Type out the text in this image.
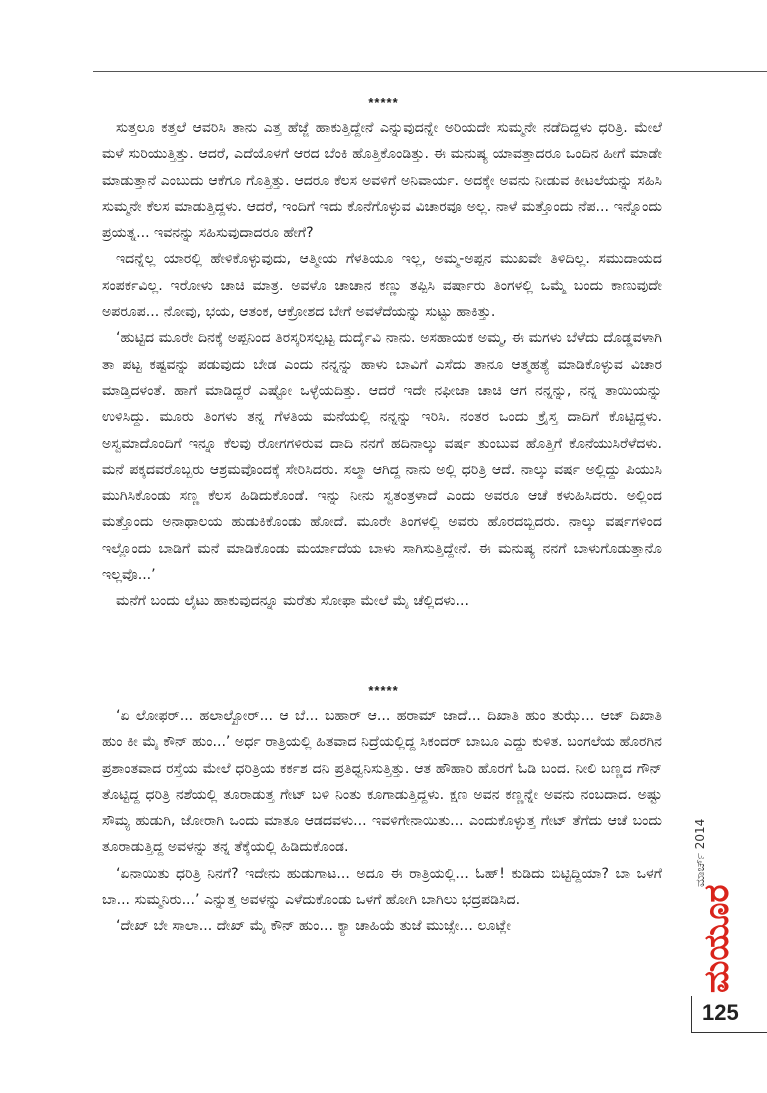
*****

ಸುತ್ತಲೂ ಕತ್ತಲೆ ಆವರಿಸಿ ತಾನು ಎತ್ತ ಹೆಜ್ಜೆ ಹಾಕುತ್ತಿದ್ದೇನೆ ಎನ್ನುವುದನ್ನೇ ಅರಿಯದೇ ಸುಮ್ಮನೇ ನಡೆದಿದ್ದಳು ಧರಿತ್ರಿ. ಮೇಲೆ ಮಳೆ ಸುರಿಯುತ್ತಿತ್ತು. ಆದರೆ, ಎದೆಯೊಳಗೆ ಆರದ ಬೆಂಕಿ ಹೊತ್ತಿಕೊಂಡಿತ್ತು. ಈ ಮನುಷ್ಯ ಯಾವತ್ತಾದರೂ ಒಂದಿನ ಹೀಗೆ ಮಾಡೇ ಮಾಡುತ್ತಾನೆ ಎಂಬುದು ಆಕೆಗೂ ಗೊತ್ತಿತ್ತು. ಆದರೂ ಕೆಲಸ ಅವಳಿಗೆ ಅನಿವಾರ್ಯ. ಅದಕ್ಕೇ ಅವನು ನೀಡುವ ಕೀಟಲೆಯನ್ನು ಸಹಿಸಿ ಸುಮ್ಮನೇ ಕೆಲಸ ಮಾಡುತ್ತಿದ್ದಳು. ಆದರೆ, ಇಂದಿಗೆ ಇದು ಕೊನೆಗೊಳ್ಳುವ ವಿಚಾರವೂ ಅಲ್ಲ. ನಾಳೆ ಮತ್ತೊಂದು ನೆಪ... ಇನ್ನೊಂದು ಪ್ರಯತ್ನ... ಇವನನ್ನು ಸಹಿಸುವುದಾದರೂ ಹೇಗೆ?

ಇದನ್ನೆಲ್ಲ ಯಾರಲ್ಲಿ ಹೇಳಿಕೊಳ್ಳುವುದು, ಆತ್ಮೀಯ ಗೆಳತಿಯೂ ಇಲ್ಲ, ಅಮ್ಮ-ಅಪ್ಪನ ಮುಖವೇ ತಿಳಿದಿಲ್ಲ. ಸಮುದಾಯದ ಸಂಪರ್ಕವಿಲ್ಲ. ಇರೋಳು ಚಾಚಿ ಮಾತ್ರ. ಅವಳೊ ಚಾಚಾನ ಕಣ್ಣು ತಪ್ಪಿಸಿ ವರ್ಷಾರು ತಿಂಗಳಲ್ಲಿ ಒಮ್ಮೆ ಬಂದು ಕಾಣುವುದೇ ಅಪರೂಪ... ನೋವು, ಭಯ, ಆತಂಕ, ಆಕ್ರೋಶದ ಬೇಗೆ ಅವಳೆದೆಯನ್ನು ಸುಟ್ಟು ಹಾಕಿತ್ತು.

‘ಹುಟ್ಟಿದ ಮೂರೇ ದಿನಕ್ಕೆ ಅಪ್ಪನಿಂದ ತಿರಸ್ಕರಿಸಲ್ಪಟ್ಟ ದುರ್ದೈವಿ ನಾನು. ಅಸಹಾಯಕ ಅಮ್ಮ, ಈ ಮಗಳು ಬೆಳೆದು ದೊಡ್ಡವಳಾಗಿ ತಾ ಪಟ್ಟ ಕಷ್ಟವನ್ನು ಪಡುವುದು ಬೇಡ ಎಂದು ನನ್ನನ್ನು ಹಾಳು ಬಾವಿಗೆ ಎಸೆದು ತಾನೂ ಆತ್ಮಹತ್ಯೆ ಮಾಡಿಕೊಳ್ಳುವ ವಿಚಾರ ಮಾಡ್ತಿದಳಂತೆ. ಹಾಗೆ ಮಾಡಿದ್ದರೆ ಎಷ್ಟೋ ಒಳ್ಳೆಯದಿತ್ತು. ಆದರೆ ಇದೇ ನಫೀಜಾ ಚಾಚಿ ಆಗ ನನ್ನನ್ನು, ನನ್ನ ತಾಯಿಯನ್ನು ಉಳಿಸಿದ್ದು. ಮೂರು ತಿಂಗಳು ತನ್ನ ಗೆಳತಿಯ ಮನೆಯಲ್ಲಿ ನನ್ನನ್ನು ಇರಿಸಿ. ನಂತರ ಒಂದು ಕ್ರೈಸ್ತ ದಾದಿಗೆ ಕೊಟ್ಟಿದ್ದಳು. ಅಸ್ವಮಾದೊಂದಿಗೆ ಇನ್ನೂ ಕೆಲವು ರೋಗಗಳಿರುವ ದಾದಿ ನನಗೆ ಹದಿನಾಲ್ಕು ವರ್ಷ ತುಂಬುವ ಹೊತ್ತಿಗೆ ಕೊನೆಯುಸಿರೆಳೆದಳು. ಮನೆ ಪಕ್ಕದವರೊಬ್ಬರು ಆಶ್ರಮವೊಂದಕ್ಕೆ ಸೇರಿಸಿದರು. ಸಲ್ಮಾ ಆಗಿದ್ದ ನಾನು ಅಲ್ಲಿ ಧರಿತ್ರಿ ಆದೆ. ನಾಲ್ಕು ವರ್ಷ ಅಲ್ಲಿದ್ದು ಪಿಯುಸಿ ಮುಗಿಸಿಕೊಂಡು ಸಣ್ಣ ಕೆಲಸ ಹಿಡಿದುಕೊಂಡೆ. ಇನ್ನು ನೀನು ಸ್ವತಂತ್ರಳಾದೆ ಎಂದು ಅವರೂ ಆಚೆ ಕಳುಹಿಸಿದರು. ಅಲ್ಲಿಂದ ಮತ್ತೊಂದು ಅನಾಥಾಲಯ ಹುಡುಕಿಕೊಂಡು ಹೋದೆ. ಮೂರೇ ತಿಂಗಳಲ್ಲಿ ಅವರು ಹೊರದಬ್ಬಿದರು. ನಾಲ್ಕು ವರ್ಷಗಳಿಂದ ಇಲ್ಲೊಂದು ಬಾಡಿಗೆ ಮನೆ ಮಾಡಿಕೊಂಡು ಮರ್ಯಾದೆಯ ಬಾಳು ಸಾಗಿಸುತ್ತಿದ್ದೇನೆ. ಈ ಮನುಷ್ಯ ನನಗೆ ಬಾಳುಗೊಡುತ್ತಾನೊ ಇಲ್ಲವೊ...’

ಮನೆಗೆ ಬಂದು ಲೈಟು ಹಾಕುವುದನ್ನೂ ಮರೆತು ಸೋಫಾ ಮೇಲೆ ಮೈ ಚೆಲ್ಲಿದಳು...

*****

‘ಏ ಲೋಫರ್... ಹಲಾಲ್ಖೋರ್... ಆ ಬೆ... ಬಹಾರ್ ಆ... ಹರಾಮ್ ಜಾದೆ... ದಿಖಾತಿ ಹುಂ ತುಝೆ... ಆಜ್ ದಿಖಾತಿ ಹುಂ ಕೀ ಮೈ ಕೌನ್ ಹುಂ...’ ಅರ್ಧ ರಾತ್ರಿಯಲ್ಲಿ ಹಿತವಾದ ನಿದ್ರೆಯಲ್ಲಿದ್ದ ಸಿಕಂದರ್ ಬಾಬೂ ಎದ್ದು ಕುಳಿತ. ಬಂಗಲೆಯ ಹೊರಗಿನ ಪ್ರಶಾಂತವಾದ ರಸ್ತೆಯ ಮೇಲೆ ಧರಿತ್ರಿಯ ಕರ್ಕಶ ದನಿ ಪ್ರತಿಧ್ವನಿಸುತ್ತಿತ್ತು. ಆತ ಹೌಹಾರಿ ಹೊರಗೆ ಓಡಿ ಬಂದ. ನೀಲಿ ಬಣ್ಣದ ಗೌನ್ ತೊಟ್ಟಿದ್ದ ಧರಿತ್ರಿ ನಶೆಯಲ್ಲಿ ತೂರಾಡುತ್ತ ಗೇಟ್ ಬಳಿ ನಿಂತು ಕೂಗಾಡುತ್ತಿದ್ದಳು. ಕ್ಷಣ ಅವನ ಕಣ್ಣನ್ನೇ ಅವನು ನಂಬದಾದ. ಅಷ್ಟು ಸೌಮ್ಯ ಹುಡುಗಿ, ಜೋರಾಗಿ ಒಂದು ಮಾತೂ ಆಡದವಳು... ಇವಳಿಗೇನಾಯಿತು... ಎಂದುಕೊಳ್ಳುತ್ತ ಗೇಟ್ ತೆಗೆದು ಆಚೆ ಬಂದು ತೂರಾಡುತ್ತಿದ್ದ ಅವಳನ್ನು ತನ್ನ ತೆಕ್ಕೆಯಲ್ಲಿ ಹಿಡಿದುಕೊಂಡ.

‘ಏನಾಯಿತು ಧರಿತ್ರಿ ನಿನಗೆ? ಇದೇನು ಹುಡುಗಾಟ... ಅದೂ ಈ ರಾತ್ರಿಯಲ್ಲಿ... ಓಹ್! ಕುಡಿದು ಬಿಟ್ಟಿದ್ದಿಯಾ? ಬಾ ಒಳಗೆ ಬಾ... ಸುಮ್ಮನಿರು...’ ಎನ್ನುತ್ತ ಅವಳನ್ನು ಎಳೆದುಕೊಂಡು ಒಳಗೆ ಹೋಗಿ ಬಾಗಿಲು ಭದ್ರಪಡಿಸಿದ.

‘ದೇಖ್ ಬೇ ಸಾಲಾ... ದೇಖ್ ಮೈ ಕೌನ್ ಹುಂ... ಕ್ಯಾ ಚಾಹಿಯೆ ತುಜೆ ಮುಜ್ಸೇ... ಲೂಟ್ಲೇ	ಮಯೂರ
ಮಾರ್ಚ್ 2014
125
